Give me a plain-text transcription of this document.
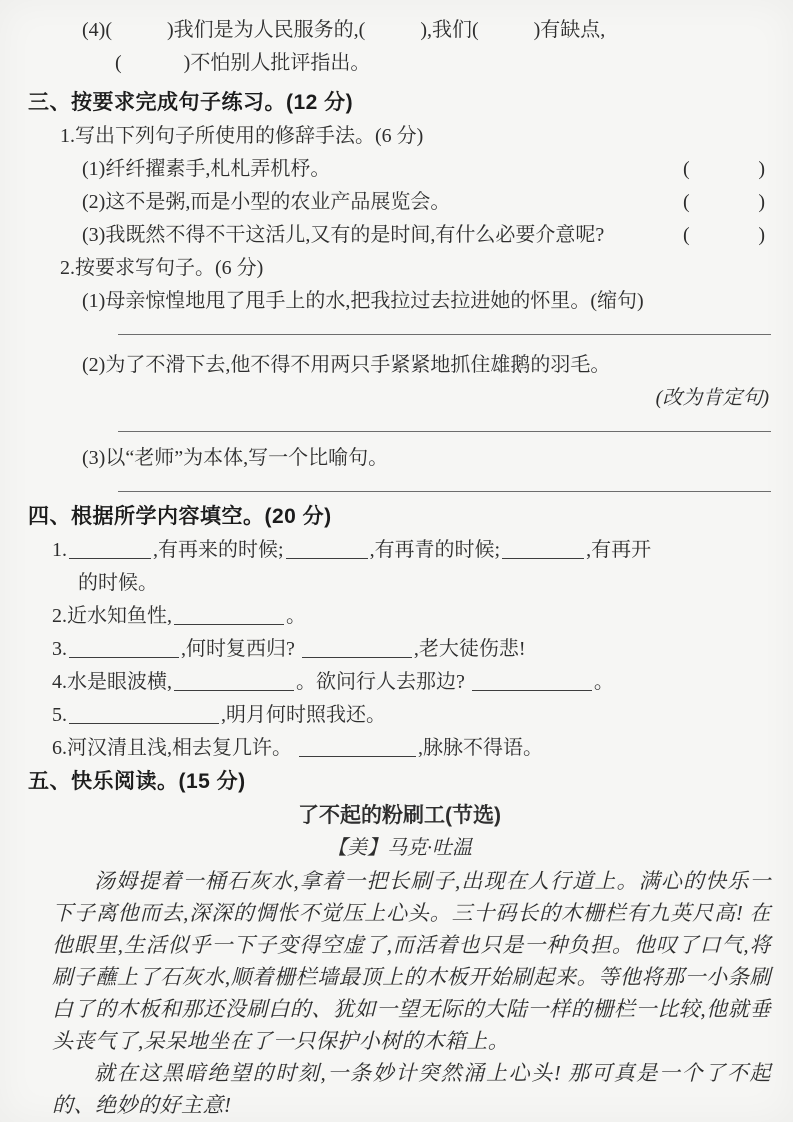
(4)(	)我们是为人民服务的,(	),我们(	)有缺点,
(	)不怕别人批评指出。
三、按要求完成句子练习。(12 分)
1.写出下列句子所使用的修辞手法。(6 分)
(1)纤纤擢素手,札札弄机杼。	(	)
(2)这不是粥,而是小型的农业产品展览会。	(	)
(3)我既然不得不干这活儿,又有的是时间,有什么必要介意呢?	(	)
2.按要求写句子。(6 分)
(1)母亲惊惶地甩了甩手上的水,把我拉过去拉进她的怀里。(缩句)
(2)为了不滑下去,他不得不用两只手紧紧地抓住雄鹅的羽毛。
(改为肯定句)
(3)以“老师”为本体,写一个比喻句。
四、根据所学内容填空。(20 分)
1.	,有再来的时候;	,有再青的时候;	,有再开
的时候。
2.近水知鱼性,	。
3.	,何时复西归?	,老大徒伤悲!
4.水是眼波横,	。欲问行人去那边?	。
5.	,明月何时照我还。
6.河汉清且浅,相去复几许。	,脉脉不得语。
五、快乐阅读。(15 分)
了不起的粉刷工(节选)
【美】马克·吐温
汤姆提着一桶石灰水,拿着一把长刷子,出现在人行道上。满心的快乐一下子离他而去,深深的惆怅不觉压上心头。三十码长的木栅栏有九英尺高! 在他眼里,生活似乎一下子变得空虚了,而活着也只是一种负担。他叹了口气,将刷子蘸上了石灰水,顺着栅栏墙最顶上的木板开始刷起来。等他将那一小条刷白了的木板和那还没刷白的、犹如一望无际的大陆一样的栅栏一比较,他就垂头丧气了,呆呆地坐在了一只保护小树的木箱上。
就在这黑暗绝望的时刻,一条妙计突然涌上心头! 那可真是一个了不起的、绝妙的好主意!
